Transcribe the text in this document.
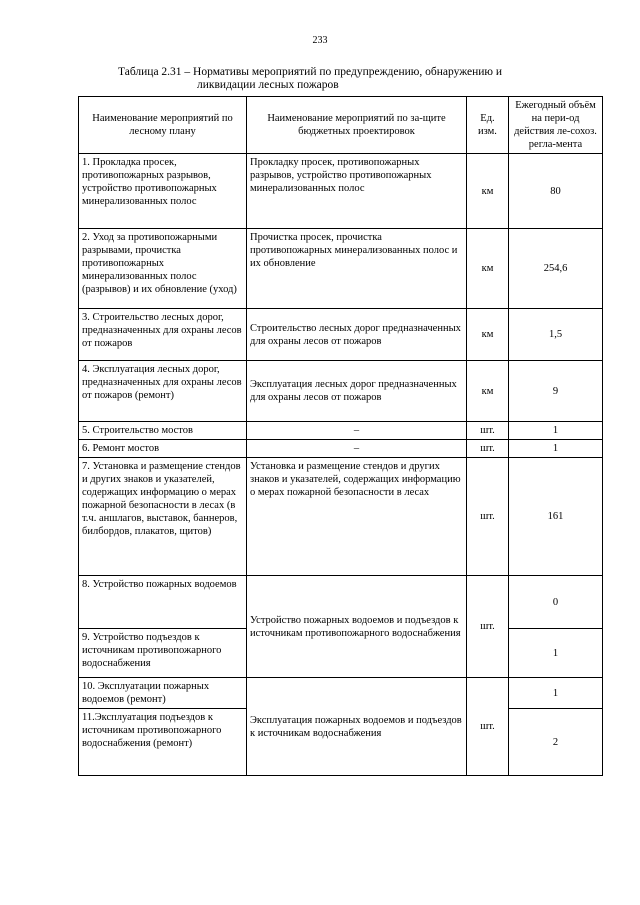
233
Таблица 2.31 – Нормативы мероприятий по предупреждению, обнаружению и
ликвидации лесных пожаров
Наименование мероприятий по лесному плану	Наименование мероприятий по за-щите бюджетных проектировок	Ед. изм.	Ежегодный объём на пери-од действия ле-сохоз. регла-мента
1. Прокладка просек, противопожарных разрывов, устройство противопожарных минерализованных полос	Прокладку просек, противопожарных разрывов, устройство противопожарных минерализованных полос	км	80
2. Уход за противопожарными разрывами, прочистка противопожарных минерализованных полос (разрывов) и их обновление (уход)	Прочистка просек, прочистка противопожарных минерализованных полос и их обновление	км	254,6
3. Строительство лесных дорог, предназначенных для охраны лесов от пожаров	Строительство лесных дорог предназначенных для охраны лесов от пожаров	км	1,5
4. Эксплуатация лесных дорог, предназначенных для охраны лесов от пожаров (ремонт)	Эксплуатация лесных дорог предназначенных для охраны лесов от пожаров	км	9
5. Строительство мостов	–	шт.	1
6. Ремонт мостов	–	шт.	1
7. Установка и размещение стендов и других знаков и указателей, содержащих информацию о мерах пожарной безопасности в лесах (в т.ч. аншлагов, выставок, баннеров, билбордов, плакатов, щитов)	Установка и размещение стендов и других знаков и указателей, содержащих информацию о мерах пожарной безопасности в лесах	шт.	161
8. Устройство пожарных водоемов	Устройство пожарных водоемов и подъездов к источникам противопожарного водоснабжения	шт.	0
9. Устройство подъездов к источникам противопожарного водоснабжения			1
10. Эксплуатации пожарных водоемов (ремонт)	Эксплуатация пожарных водоемов и подъездов к источникам водоснабжения	шт.	1
11.Эксплуатация подъездов к источникам противопожарного водоснабжения (ремонт)			2
